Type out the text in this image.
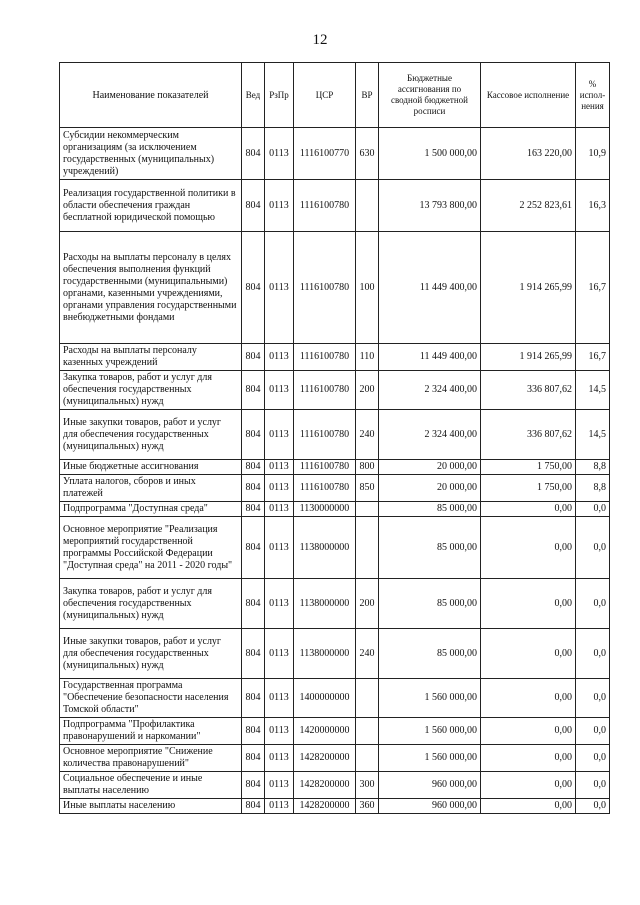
12
Наименование показателей	Вед	РзПр	ЦСР	ВР	Бюджетные ассигнования по сводной бюджетной росписи	Кассовое исполнение	% испол-нения
Субсидии некоммерческим организациям (за исключением государственных (муниципальных) учреждений)	804	0113	1116100770	630	1 500 000,00	163 220,00	10,9
Реализация государственной политики в области обеспечения граждан бесплатной юридической помощью	804	0113	1116100780		13 793 800,00	2 252 823,61	16,3
Расходы на выплаты персоналу в целях обеспечения выполнения функций государственными (муниципальными) органами, казенными учреждениями, органами управления государственными внебюджетными фондами	804	0113	1116100780	100	11 449 400,00	1 914 265,99	16,7
Расходы на выплаты персоналу казенных учреждений	804	0113	1116100780	110	11 449 400,00	1 914 265,99	16,7
Закупка товаров, работ и услуг для обеспечения государственных (муниципальных) нужд	804	0113	1116100780	200	2 324 400,00	336 807,62	14,5
Иные закупки товаров, работ и услуг для обеспечения государственных (муниципальных) нужд	804	0113	1116100780	240	2 324 400,00	336 807,62	14,5
Иные бюджетные ассигнования	804	0113	1116100780	800	20 000,00	1 750,00	8,8
Уплата налогов, сборов и иных платежей	804	0113	1116100780	850	20 000,00	1 750,00	8,8
Подпрограмма "Доступная среда"	804	0113	1130000000		85 000,00	0,00	0,0
Основное мероприятие "Реализация мероприятий государственной программы Российской Федерации "Доступная среда" на 2011 - 2020 годы"	804	0113	1138000000		85 000,00	0,00	0,0
Закупка товаров, работ и услуг для обеспечения государственных (муниципальных) нужд	804	0113	1138000000	200	85 000,00	0,00	0,0
Иные закупки товаров, работ и услуг для обеспечения государственных (муниципальных) нужд	804	0113	1138000000	240	85 000,00	0,00	0,0
Государственная программа "Обеспечение безопасности населения Томской области"	804	0113	1400000000		1 560 000,00	0,00	0,0
Подпрограмма "Профилактика правонарушений и наркомании"	804	0113	1420000000		1 560 000,00	0,00	0,0
Основное мероприятие "Снижение количества правонарушений"	804	0113	1428200000		1 560 000,00	0,00	0,0
Социальное обеспечение и иные выплаты населению	804	0113	1428200000	300	960 000,00	0,00	0,0
Иные выплаты населению	804	0113	1428200000	360	960 000,00	0,00	0,0
